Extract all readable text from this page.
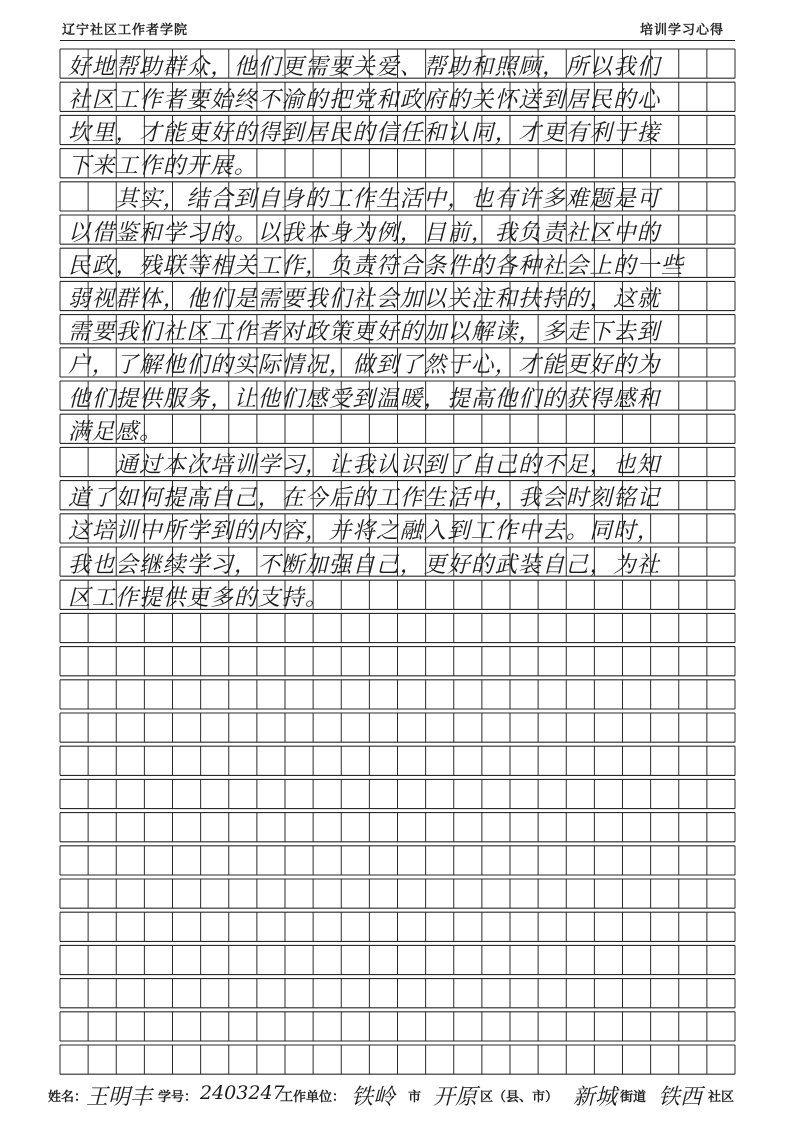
辽宁社区工作者学院	培训学习心得
好地帮助群众，他们更需要关爱、帮助和照顾，所以我们
社区工作者要始终不渝的把党和政府的关怀送到居民的心
坎里，才能更好的得到居民的信任和认同，才更有利于接
下来工作的开展。
　　其实，结合到自身的工作生活中，也有许多难题是可
以借鉴和学习的。以我本身为例，目前，我负责社区中的
民政，残联等相关工作，负责符合条件的各种社会上的一些
弱视群体，他们是需要我们社会加以关注和扶持的，这就
需要我们社区工作者对政策更好的加以解读，多走下去到
户，了解他们的实际情况，做到了然于心，才能更好的为
他们提供服务，让他们感受到温暖，提高他们的获得感和
满足感。
　　通过本次培训学习，让我认识到了自己的不足，也知
道了如何提高自己，在今后的工作生活中，我会时刻铭记
这培训中所学到的内容，并将之融入到工作中去。同时，
我也会继续学习，不断加强自己，更好的武装自己，为社
区工作提供更多的支持。
姓名：
王明丰 学号： 2403247
工作单位： 铁岭 市 开原 区（县、市） 新城 街道 铁西 社区
